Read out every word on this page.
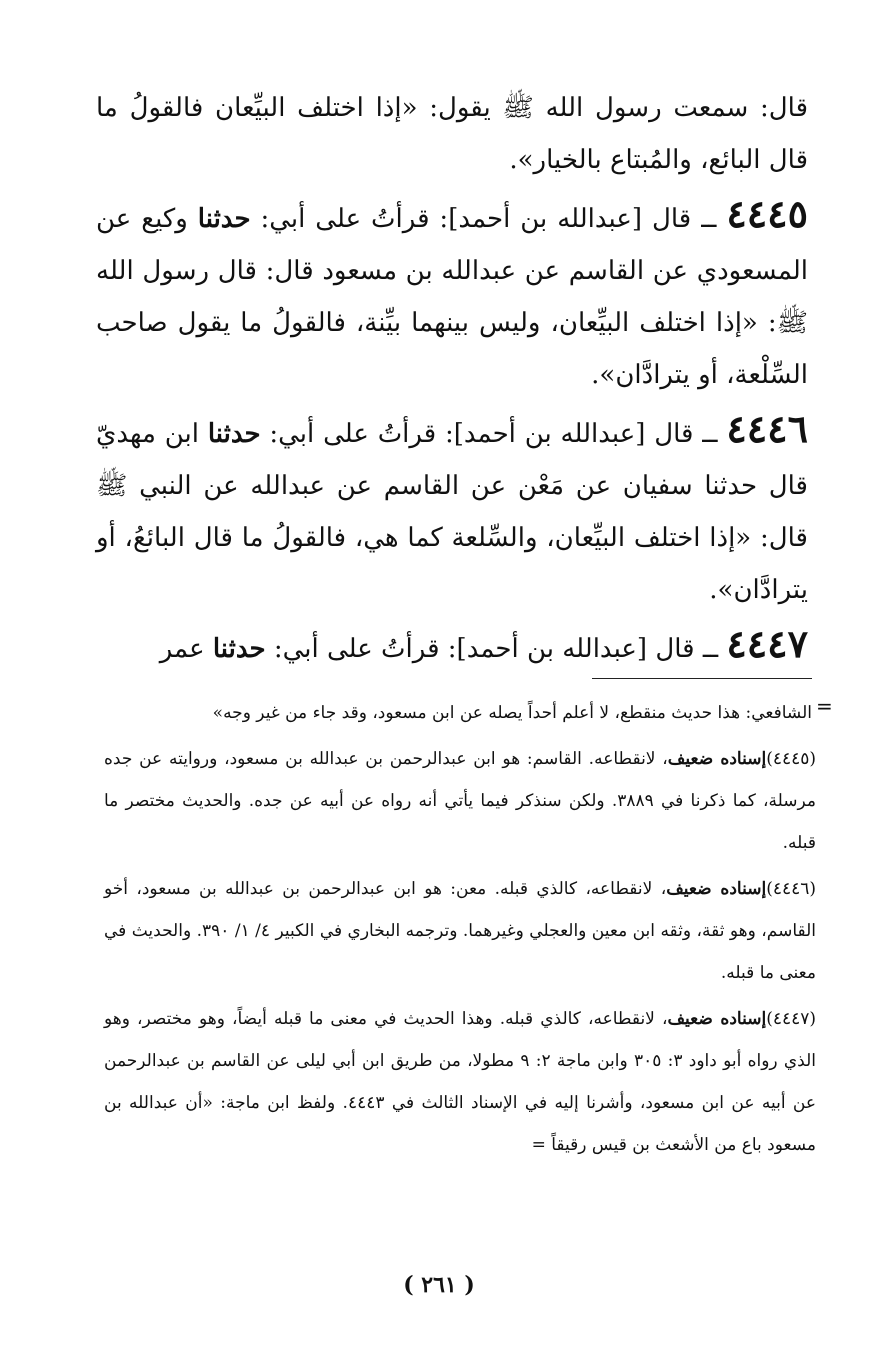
قال: سمعت رسول الله ﷺ يقول: «إذا اختلف البيِّعان فالقولُ ما قال البائع، والمُبتاع بالخيار».

٤٤٤٥ ــ قال [عبدالله بن أحمد]: قرأتُ على أبي: حدثنا وكيع عن المسعودي عن القاسم عن عبدالله بن مسعود قال: قال رسول الله ﷺ: «إذا اختلف البيِّعان، وليس بينهما بيِّنة، فالقولُ ما يقول صاحب السِّلْعة، أو يترادَّان».

٤٤٤٦ ــ قال [عبدالله بن أحمد]: قرأتُ على أبي: حدثنا ابن مهديّ قال حدثنا سفيان عن مَعْن عن القاسم عن عبدالله عن النبي ﷺ قال: «إذا اختلف البيِّعان، والسِّلعة كما هي، فالقولُ ما قال البائعُ، أو يترادَّان».

٤٤٤٧ ــ قال [عبدالله بن أحمد]: قرأتُ على أبي: حدثنا عمر

=

الشافعي: هذا حديث منقطع، لا أعلم أحداً يصله عن ابن مسعود، وقد جاء من غير وجه»

(٤٤٤٥)إسناده ضعيف، لانقطاعه. القاسم: هو ابن عبدالرحمن بن عبدالله بن مسعود، وروايته عن جده مرسلة، كما ذكرنا في ٣٨٨٩. ولكن سنذكر فيما يأتي أنه رواه عن أبيه عن جده. والحديث مختصر ما قبله.

(٤٤٤٦)إسناده ضعيف، لانقطاعه، كالذي قبله. معن: هو ابن عبدالرحمن بن عبدالله بن مسعود، أخو القاسم، وهو ثقة، وثقه ابن معين والعجلي وغيرهما. وترجمه البخاري في الكبير ٤/ ١/ ٣٩٠. والحديث في معنى ما قبله.

(٤٤٤٧)إسناده ضعيف، لانقطاعه، كالذي قبله. وهذا الحديث في معنى ما قبله أيضاً، وهو مختصر، وهو الذي رواه أبو داود ٣: ٣٠٥ وابن ماجة ٢: ٩ مطولا، من طريق ابن أبي ليلى عن القاسم بن عبدالرحمن عن أبيه عن ابن مسعود، وأشرنا إليه في الإسناد الثالث في ٤٤٤٣. ولفظ ابن ماجة: «أن عبدالله بن مسعود باع من الأشعث بن قيس رقيقاً =

( ٢٦١ )
